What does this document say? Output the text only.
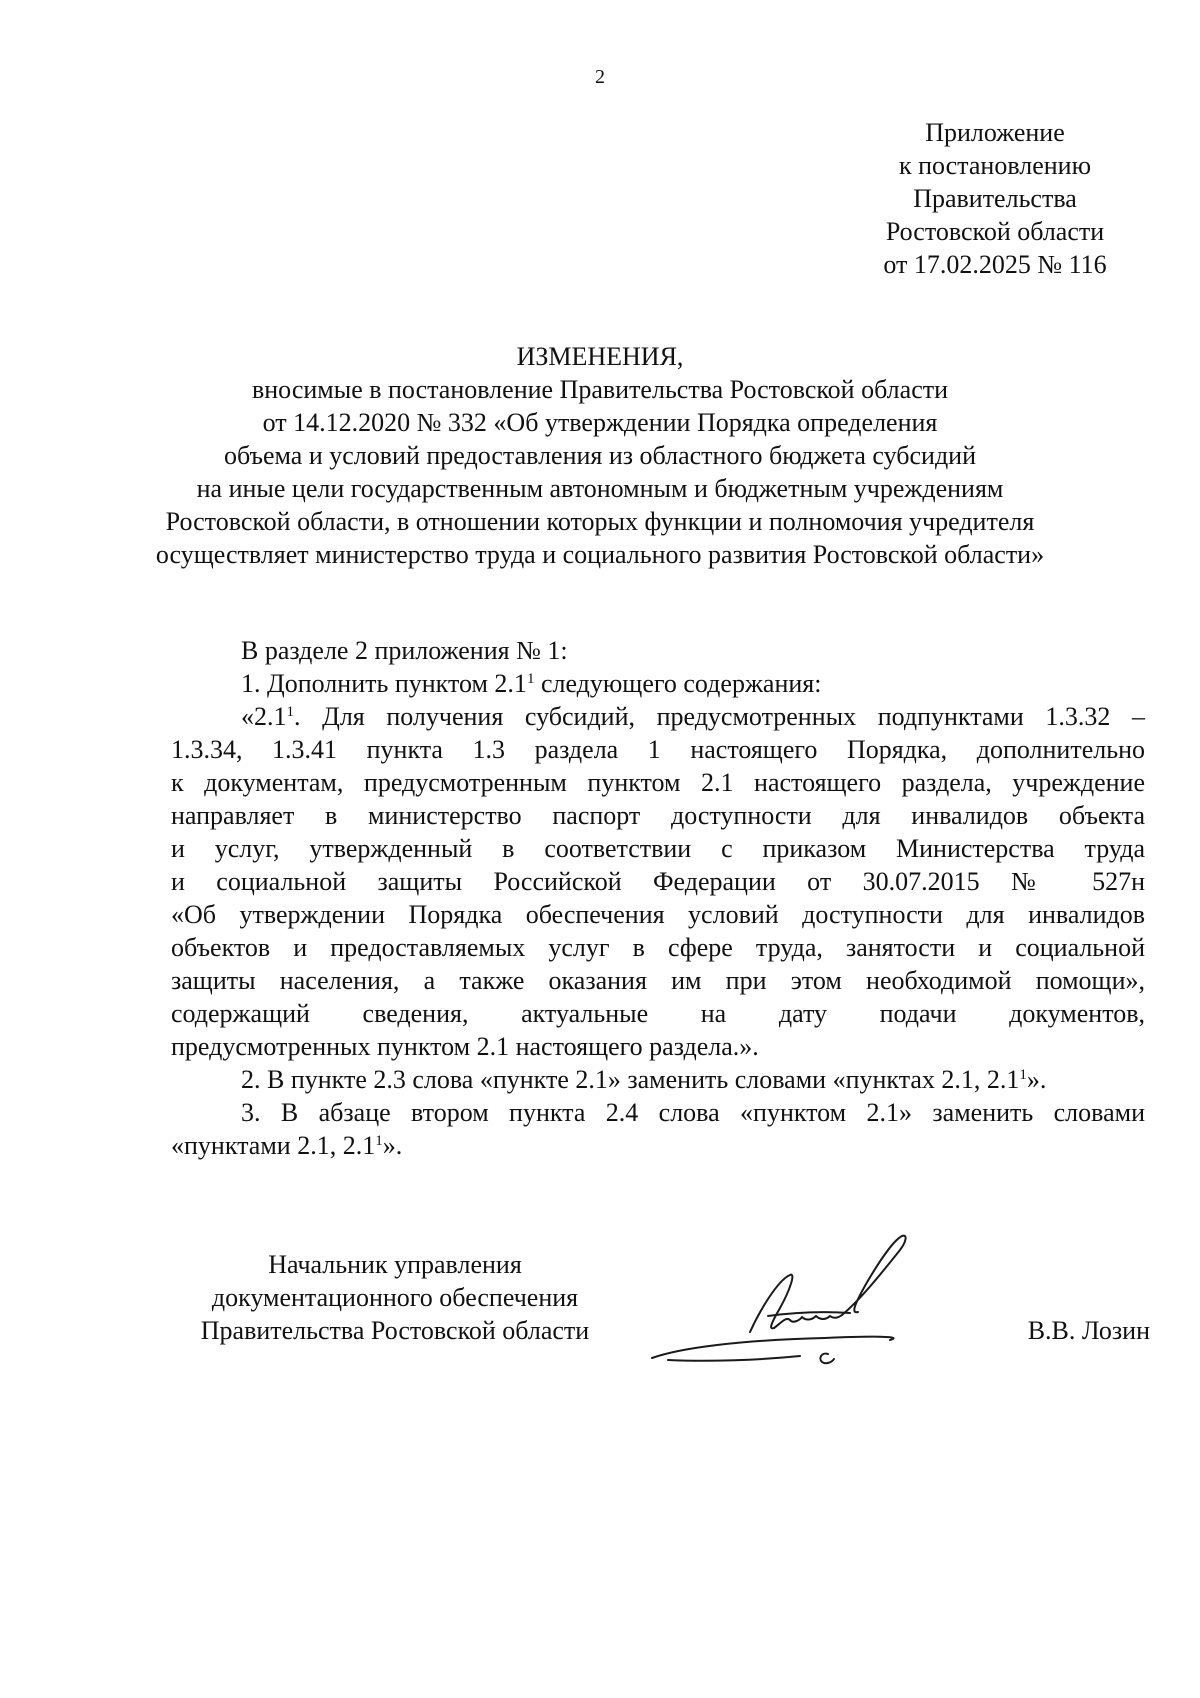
2
Приложение
к постановлению
Правительства
Ростовской области
от 17.02.2025 № 116
ИЗМЕНЕНИЯ,
вносимые в постановление Правительства Ростовской области
от 14.12.2020 № 332 «Об утверждении Порядка определения
объема и условий предоставления из областного бюджета субсидий
на иные цели государственным автономным и бюджетным учреждениям
Ростовской области, в отношении которых функции и полномочия учредителя
осуществляет министерство труда и социального развития Ростовской области»

В разделе 2 приложения № 1:

1. Дополнить пунктом $2.1^1$ следующего содержания:

«$2.1^1$. Для получения субсидий, предусмотренных подпунктами 1.3.32 –

1.3.34, 1.3.41 пункта 1.3 раздела 1 настоящего Порядка, дополнительно

к документам, предусмотренным пунктом 2.1 настоящего раздела, учреждение

направляет в министерство паспорт доступности для инвалидов объекта

и услуг, утвержденный в соответствии с приказом Министерства труда

и социальной защиты Российской Федерации от 30.07.2015 № 527н

«Об утверждении Порядка обеспечения условий доступности для инвалидов

объектов и предоставляемых услуг в сфере труда, занятости и социальной

защиты населения, а также оказания им при этом необходимой помощи»,

содержащий сведения, актуальные на дату подачи документов,

предусмотренных пунктом 2.1 настоящего раздела.».

2. В пункте 2.3 слова «пункте 2.1» заменить словами «пунктах 2.1, $2.1^1$».

3. В абзаце втором пункта 2.4 слова «пунктом 2.1» заменить словами

«пунктами 2.1, $2.1^1$».

Начальник управления
документационного обеспечения
Правительства Ростовской области	В.В. Лозин
